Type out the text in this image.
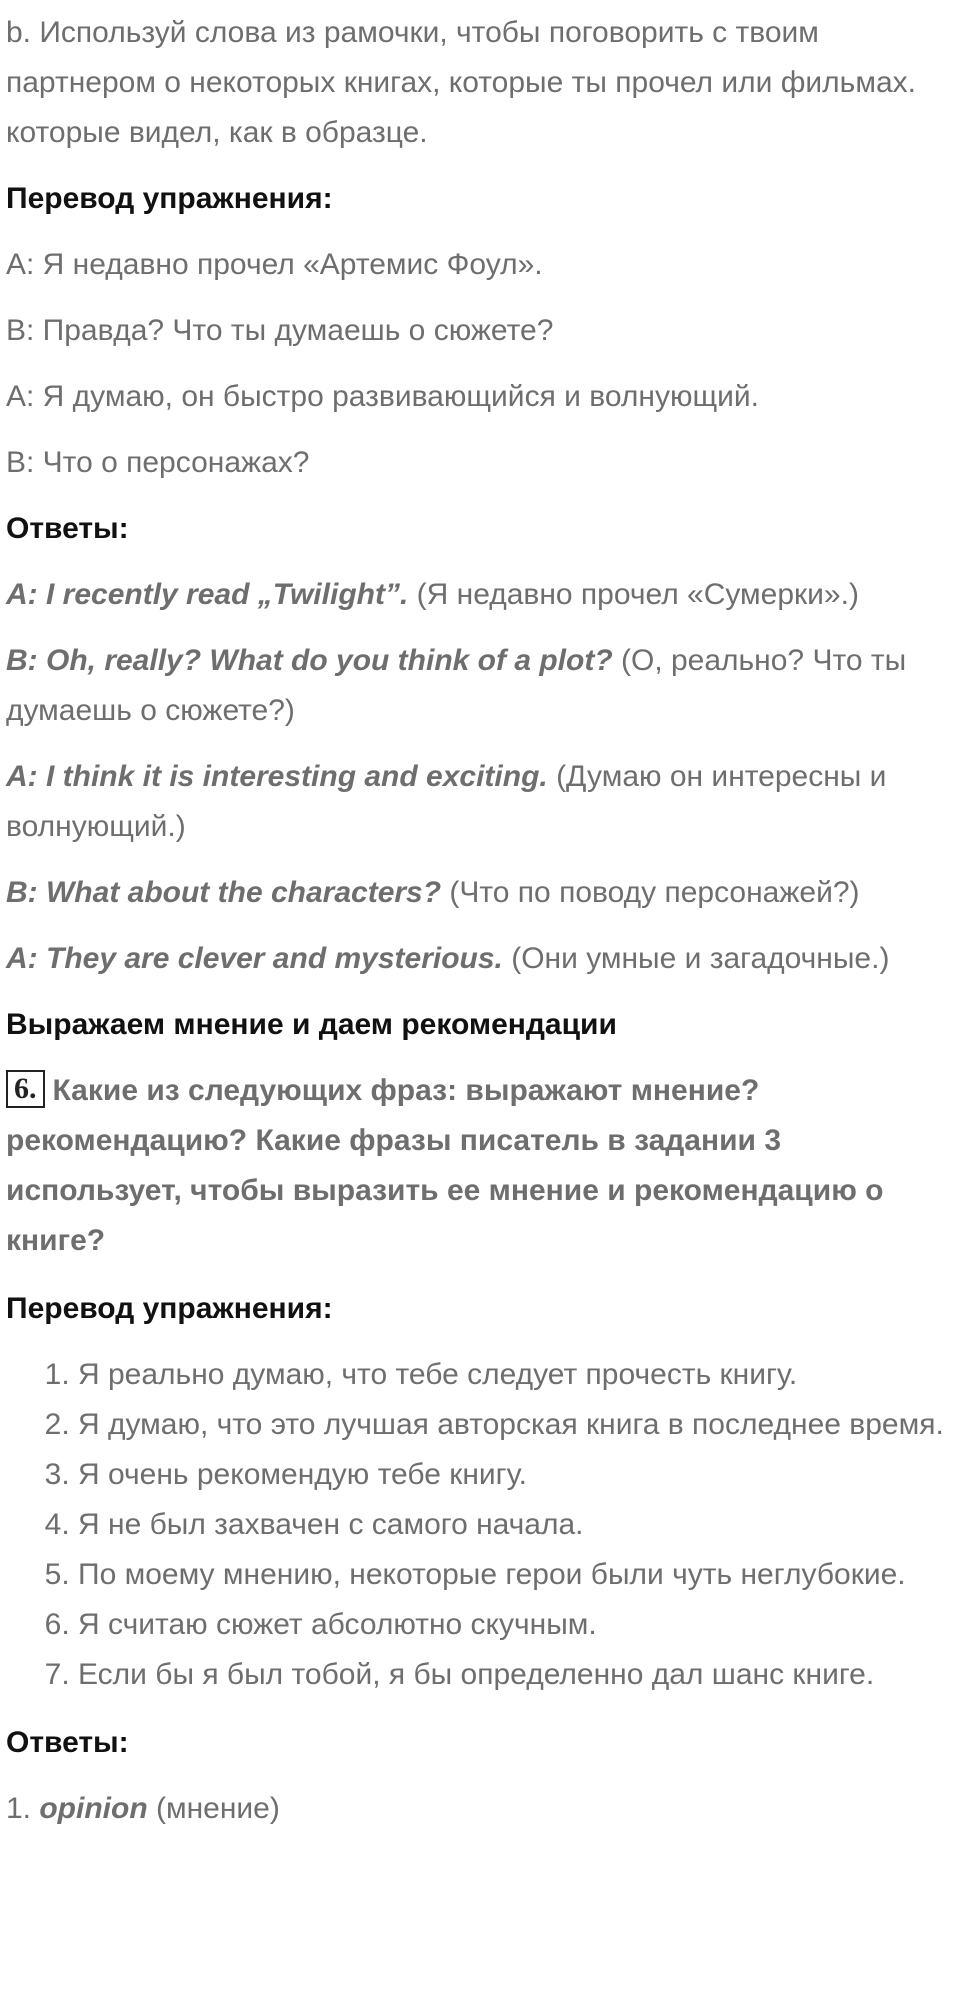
b. Используй слова из рамочки, чтобы поговорить с твоим партнером о некоторых книгах, которые ты прочел или фильмах. которые видел, как в образце.

Перевод упражнения:

A: Я недавно прочел «Артемис Фоул».

B: Правда? Что ты думаешь о сюжете?

A: Я думаю, он быстро развивающийся и волнующий.

B: Что о персонажах?

Ответы:

A: I recently read „Twilight”. (Я недавно прочел «Сумерки».)

B: Oh, really? What do you think of a plot? (О, реально? Что ты думаешь о сюжете?)

A: I think it is interesting and exciting. (Думаю он интересны и волнующий.)

B: What about the characters? (Что по поводу персонажей?)

A: They are clever and mysterious. (Они умные и загадочные.)

Выражаем мнение и даем рекомендации

6. Какие из следующих фраз: выражают мнение? рекомендацию? Какие фразы писатель в задании 3 использует, чтобы выразить ее мнение и рекомендацию о книге?

Перевод упражнения:

1. Я реально думаю, что тебе следует прочесть книгу.
2. Я думаю, что это лучшая авторская книга в последнее время.
3. Я очень рекомендую тебе книгу.
4. Я не был захвачен с самого начала.
5. По моему мнению, некоторые герои были чуть неглубокие.
6. Я считаю сюжет абсолютно скучным.
7. Если бы я был тобой, я бы определенно дал шанс книге.

Ответы:

1. opinion (мнение)
